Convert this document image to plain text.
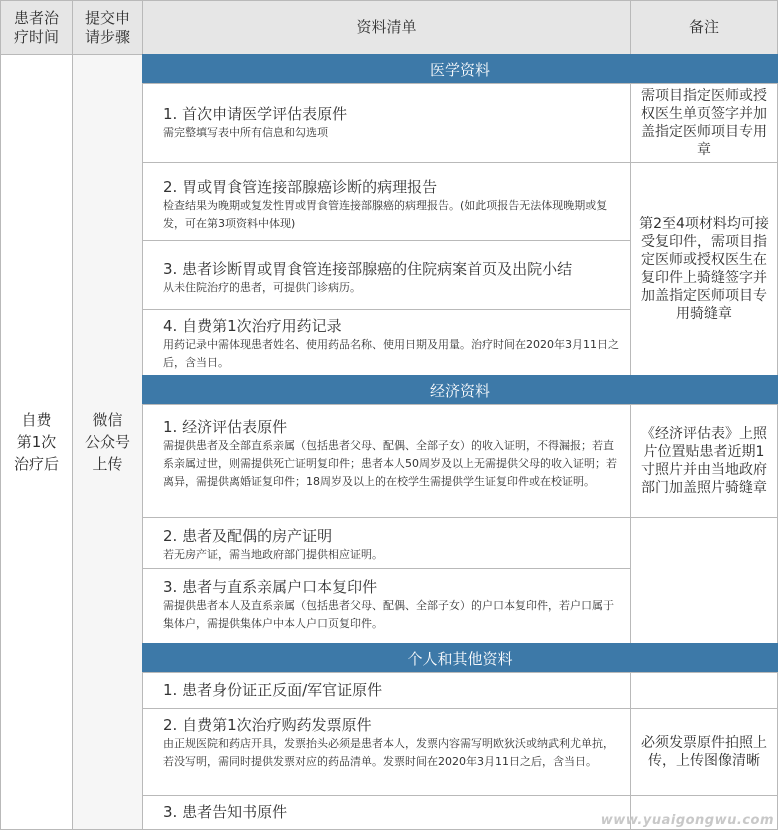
患者治
疗时间
提交申
请步骤
资料清单	备注
自费
第1次
治疗后
微信
公众号
上传
医学资料
1. 首次申请医学评估表原件
需完整填写表中所有信息和勾选项
需项目指定医师或授权医生单页签字并加盖指定医师项目专用章
2. 胃或胃食管连接部腺癌诊断的病理报告
检查结果为晚期或复发性胃或胃食管连接部腺癌的病理报告。(如此项报告无法体现晚期或复发，可在第3项资料中体现)
3. 患者诊断胃或胃食管连接部腺癌的住院病案首页及出院小结
从未住院治疗的患者，可提供门诊病历。
4. 自费第1次治疗用药记录
用药记录中需体现患者姓名、使用药品名称、使用日期及用量。治疗时间在2020年3月11日之后，含当日。
第2至4项材料均可接受复印件，需项目指定医师或授权医生在复印件上骑缝签字并加盖指定医师项目专用骑缝章
经济资料
1. 经济评估表原件
需提供患者及全部直系亲属（包括患者父母、配偶、全部子女）的收入证明，不得漏报；若直系亲属过世，则需提供死亡证明复印件；患者本人50周岁及以上无需提供父母的收入证明；若离异，需提供离婚证复印件；18周岁及以上的在校学生需提供学生证复印件或在校证明。
《经济评估表》上照片位置贴患者近期1寸照片并由当地政府部门加盖照片骑缝章
2. 患者及配偶的房产证明
若无房产证，需当地政府部门提供相应证明。
3. 患者与直系亲属户口本复印件
需提供患者本人及直系亲属（包括患者父母、配偶、全部子女）的户口本复印件，若户口属于集体户，需提供集体户中本人户口页复印件。
个人和其他资料
1. 患者身份证正反面/军官证原件
2. 自费第1次治疗购药发票原件
由正规医院和药店开具，发票抬头必须是患者本人，发票内容需写明欧狄沃或纳武利尤单抗，若没写明，需同时提供发票对应的药品清单。发票时间在2020年3月11日之后，含当日。
必须发票原件拍照上传，上传图像清晰
3. 患者告知书原件	www.yuaigongwu.com
